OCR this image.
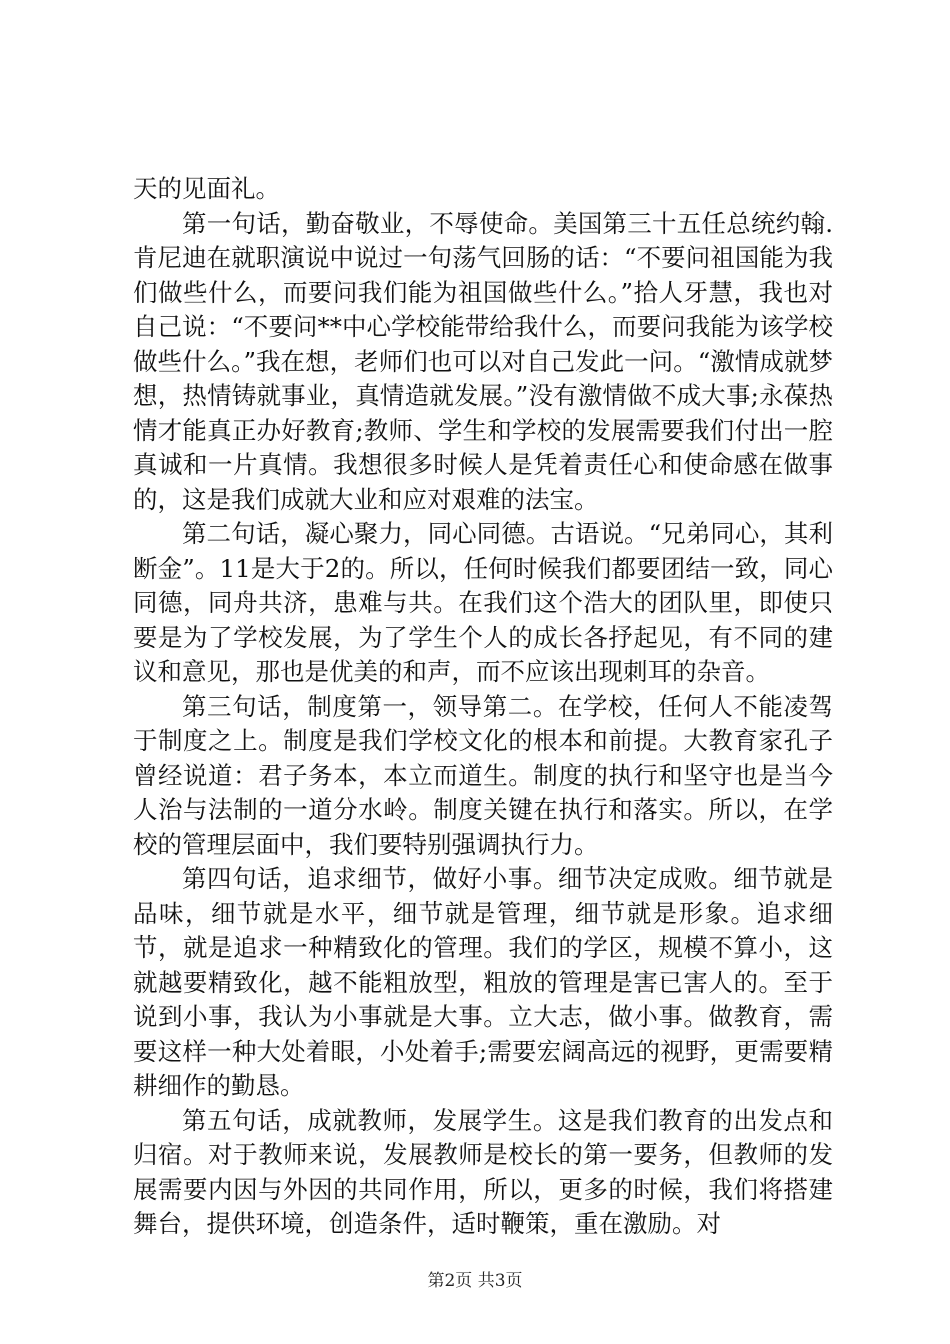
天的见面礼。

第一句话，勤奋敬业，不辱使命。美国第三十五任总统约翰.肯尼迪在就职演说中说过一句荡气回肠的话：“不要问祖国能为我们做些什么，而要问我们能为祖国做些什么。”拾人牙慧，我也对自己说：“不要问**中心学校能带给我什么，而要问我能为该学校做些什么。”我在想，老师们也可以对自己发此一问。“激情成就梦想，热情铸就事业，真情造就发展。”没有激情做不成大事;永葆热情才能真正办好教育;教师、学生和学校的发展需要我们付出一腔真诚和一片真情。我想很多时候人是凭着责任心和使命感在做事的，这是我们成就大业和应对艰难的法宝。

第二句话，凝心聚力，同心同德。古语说。“兄弟同心，其利断金”。11是大于2的。所以，任何时候我们都要团结一致，同心同德，同舟共济，患难与共。在我们这个浩大的团队里，即使只要是为了学校发展，为了学生个人的成长各抒起见，有不同的建议和意见，那也是优美的和声，而不应该出现刺耳的杂音。

第三句话，制度第一，领导第二。在学校，任何人不能凌驾于制度之上。制度是我们学校文化的根本和前提。大教育家孔子曾经说道：君子务本，本立而道生。制度的执行和坚守也是当今人治与法制的一道分水岭。制度关键在执行和落实。所以，在学校的管理层面中，我们要特别强调执行力。

第四句话，追求细节，做好小事。细节决定成败。细节就是品味，细节就是水平，细节就是管理，细节就是形象。追求细节，就是追求一种精致化的管理。我们的学区，规模不算小，这就越要精致化，越不能粗放型，粗放的管理是害已害人的。至于说到小事，我认为小事就是大事。立大志，做小事。做教育，需要这样一种大处着眼，小处着手;需要宏阔高远的视野，更需要精耕细作的勤恳。

第五句话，成就教师，发展学生。这是我们教育的出发点和归宿。对于教师来说，发展教师是校长的第一要务，但教师的发展需要内因与外因的共同作用，所以，更多的时候，我们将搭建舞台，提供环境，创造条件，适时鞭策，重在激励。对

第2页 共3页
